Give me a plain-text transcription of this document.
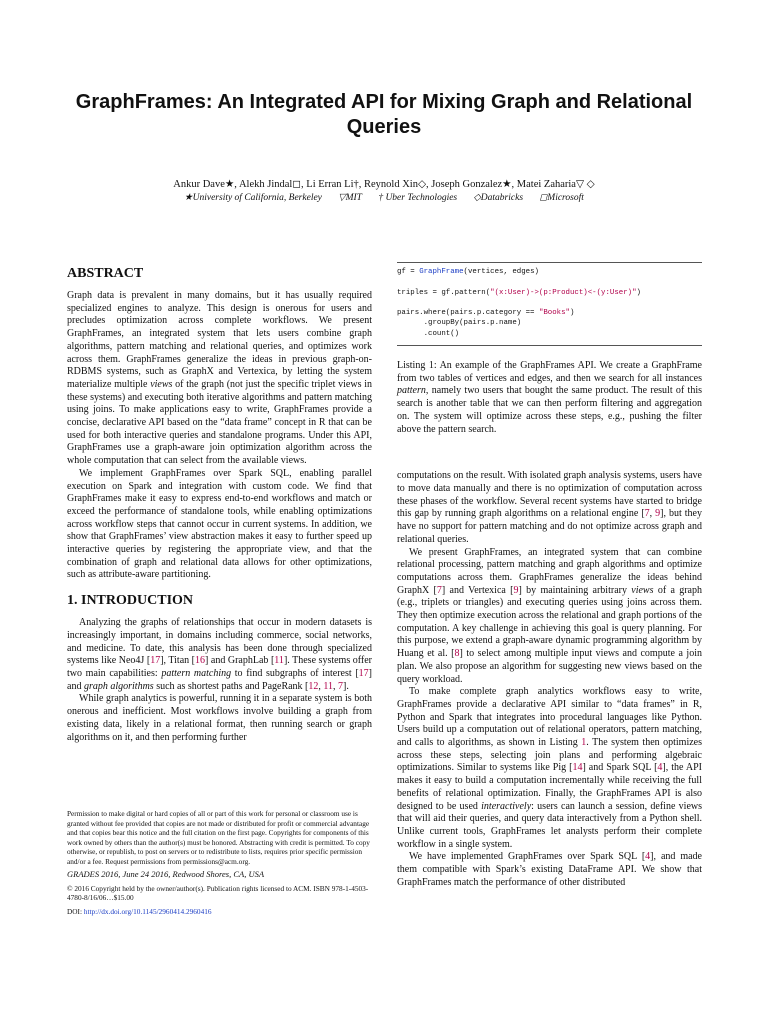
GraphFrames: An Integrated API for Mixing Graph and Relational Queries
Ankur Dave★, Alekh Jindal◻, Li Erran Li†, Reynold Xin◇, Joseph Gonzalez★, Matei Zaharia▽ ◇
★University of California, Berkeley ▽MIT † Uber Technologies ◇Databricks ◻Microsoft
ABSTRACT

Graph data is prevalent in many domains, but it has usually required specialized engines to analyze. This design is onerous for users and precludes optimization across complete workflows. We present GraphFrames, an integrated system that lets users combine graph algorithms, pattern matching and relational queries, and optimizes work across them. GraphFrames generalize the ideas in previous graph-on-RDBMS systems, such as GraphX and Vertexica, by letting the system materialize multiple views of the graph (not just the specific triplet views in these systems) and executing both iterative algorithms and pattern matching using joins. To make applications easy to write, GraphFrames provide a concise, declarative API based on the “data frame” concept in R that can be used for both interactive queries and standalone programs. Under this API, GraphFrames use a graph-aware join optimization algorithm across the whole computation that can select from the available views.

We implement GraphFrames over Spark SQL, enabling parallel execution on Spark and integration with custom code. We find that GraphFrames make it easy to express end-to-end workflows and match or exceed the performance of standalone tools, while enabling optimizations across workflow steps that cannot occur in current systems. In addition, we show that GraphFrames’ view abstraction makes it easy to further speed up interactive queries by registering the appropriate view, and that the combination of graph and relational data allows for other optimizations, such as attribute-aware partitioning.

1. INTRODUCTION

Analyzing the graphs of relationships that occur in modern datasets is increasingly important, in domains including commerce, social networks, and medicine. To date, this analysis has been done through specialized systems like Neo4J [17], Titan [16] and GraphLab [11]. These systems offer two main capabilities: pattern matching to find subgraphs of interest [17] and graph algorithms such as shortest paths and PageRank [12, 11, 7].

While graph analytics is powerful, running it in a separate system is both onerous and inefficient. Most workflows involve building a graph from existing data, likely in a relational format, then running search or graph algorithms on it, and then performing further

Permission to make digital or hard copies of all or part of this work for personal or classroom use is granted without fee provided that copies are not made or distributed for profit or commercial advantage and that copies bear this notice and the full citation on the first page. Copyrights for components of this work owned by others than the author(s) must be honored. Abstracting with credit is permitted. To copy otherwise, or republish, to post on servers or to redistribute to lists, requires prior specific permission and/or a fee. Request permissions from permissions@acm.org.

GRADES 2016, June 24 2016, Redwood Shores, CA, USA

© 2016 Copyright held by the owner/author(s). Publication rights licensed to ACM. ISBN 978-1-4503-4780-8/16/06…$15.00

DOI: http://dx.doi.org/10.1145/2960414.2960416

gf = GraphFrame(vertices, edges)

triples = gf.pattern("(x:User)->(p:Product)<-(y:User)")

pairs.where(pairs.p.category == "Books")
.groupBy(pairs.p.name)
.count()

Listing 1: An example of the GraphFrames API. We create a GraphFrame from two tables of vertices and edges, and then we search for all instances pattern, namely two users that bought the same product. The result of this search is another table that we can then perform filtering and aggregation on. The system will optimize across these steps, e.g., pushing the filter above the pattern search.

computations on the result. With isolated graph analysis systems, users have to move data manually and there is no optimization of computation across these phases of the workflow. Several recent systems have started to bridge this gap by running graph algorithms on a relational engine [7, 9], but they have no support for pattern matching and do not optimize across graph and relational queries.

We present GraphFrames, an integrated system that can combine relational processing, pattern matching and graph algorithms and optimize computations across them. GraphFrames generalize the ideas behind GraphX [7] and Vertexica [9] by maintaining arbitrary views of a graph (e.g., triplets or triangles) and executing queries using joins across them. They then optimize execution across the relational and graph portions of the computation. A key challenge in achieving this goal is query planning. For this purpose, we extend a graph-aware dynamic programming algorithm by Huang et al. [8] to select among multiple input views and compute a join plan. We also propose an algorithm for suggesting new views based on the query workload.

To make complete graph analytics workflows easy to write, GraphFrames provide a declarative API similar to “data frames” in R, Python and Spark that integrates into procedural languages like Python. Users build up a computation out of relational operators, pattern matching, and calls to algorithms, as shown in Listing 1. The system then optimizes across these steps, selecting join plans and performing algebraic optimizations. Similar to systems like Pig [14] and Spark SQL [4], the API makes it easy to build a computation incrementally while receiving the full benefits of relational optimization. Finally, the GraphFrames API is also designed to be used interactively: users can launch a session, define views that will aid their queries, and query data interactively from a Python shell. Unlike current tools, GraphFrames let analysts perform their complete workflow in a single system.

We have implemented GraphFrames over Spark SQL [4], and made them compatible with Spark’s existing DataFrame API. We show that GraphFrames match the performance of other distributed
